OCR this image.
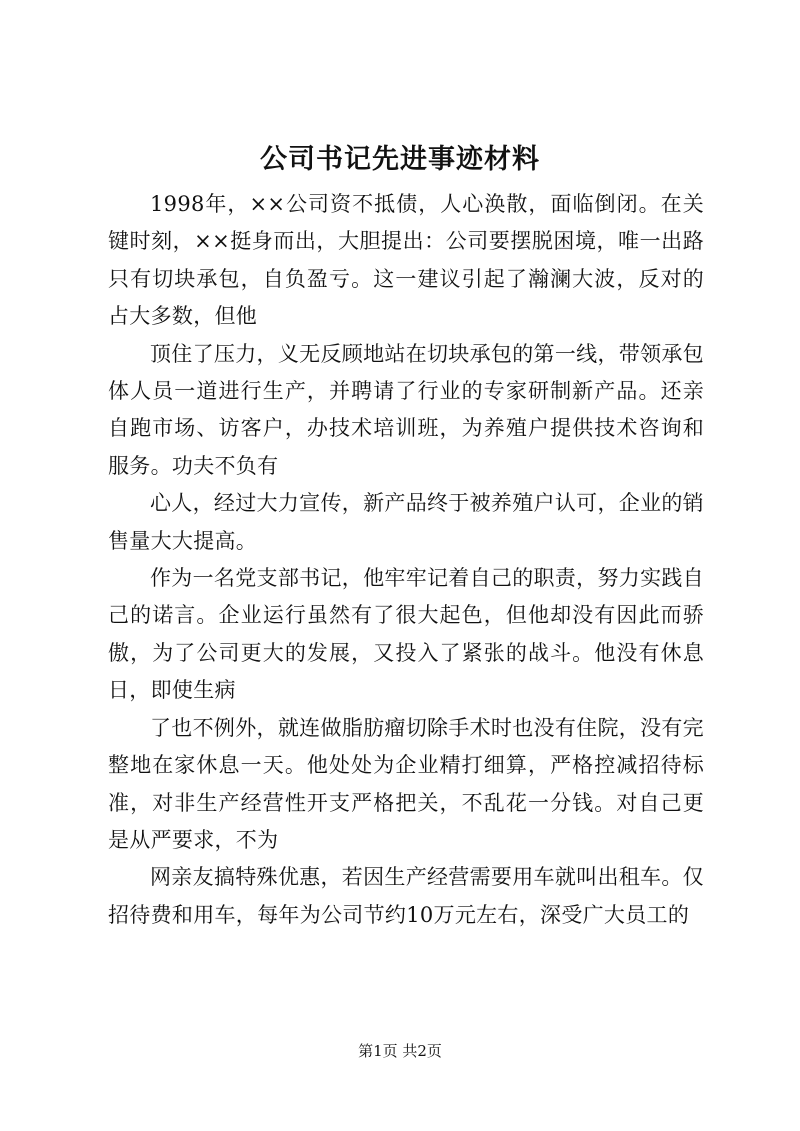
公司书记先进事迹材料

1998年，××公司资不抵债，人心涣散，面临倒闭。在关键时刻，××挺身而出，大胆提出：公司要摆脱困境，唯一出路只有切块承包，自负盈亏。这一建议引起了瀚澜大波，反对的占大多数，但他

顶住了压力，义无反顾地站在切块承包的第一线，带领承包体人员一道进行生产，并聘请了行业的专家研制新产品。还亲自跑市场、访客户，办技术培训班，为养殖户提供技术咨询和服务。功夫不负有

心人，经过大力宣传，新产品终于被养殖户认可，企业的销售量大大提高。

作为一名党支部书记，他牢牢记着自己的职责，努力实践自己的诺言。企业运行虽然有了很大起色，但他却没有因此而骄傲，为了公司更大的发展，又投入了紧张的战斗。他没有休息日，即使生病

了也不例外，就连做脂肪瘤切除手术时也没有住院，没有完整地在家休息一天。他处处为企业精打细算，严格控减招待标准，对非生产经营性开支严格把关，不乱花一分钱。对自己更是从严要求，不为

网亲友搞特殊优惠，若因生产经营需要用车就叫出租车。仅招待费和用车，每年为公司节约10万元左右，深受广大员工的

第1页 共2页
